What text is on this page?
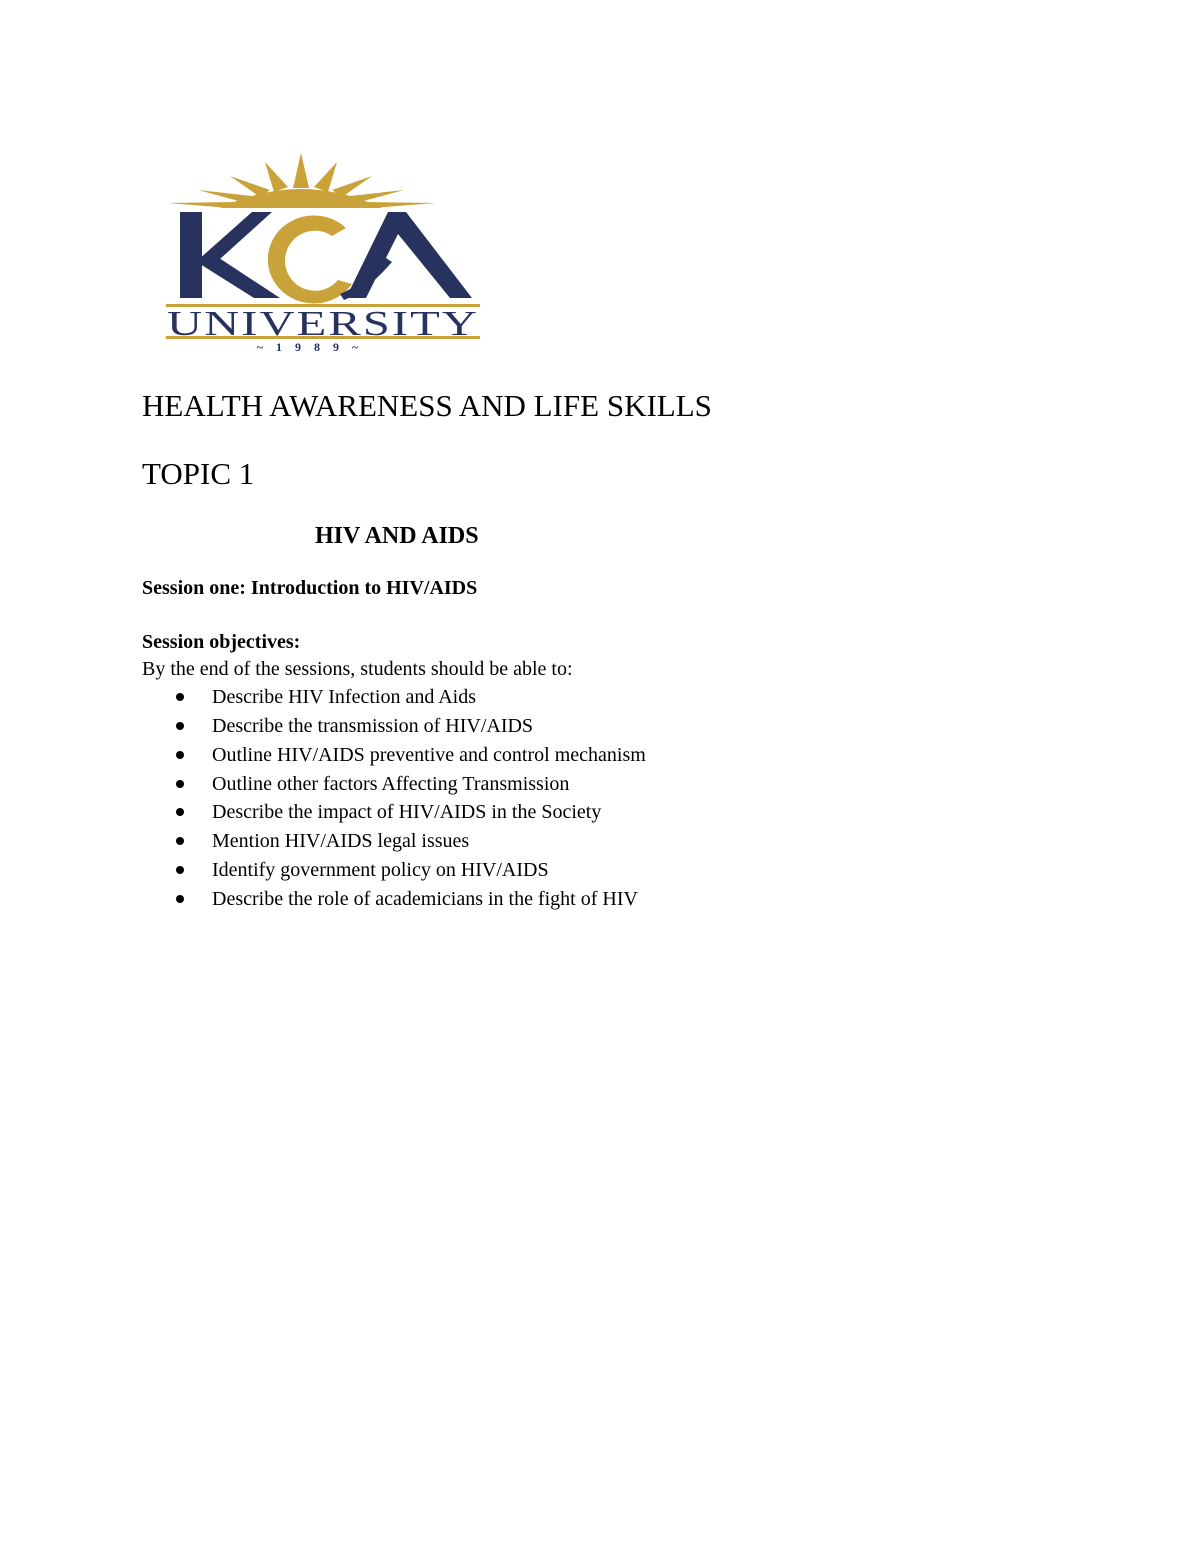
UNIVERSITY
~ 1 9 8 9 ~
HEALTH AWARENESS AND LIFE SKILLS
TOPIC 1
HIV AND AIDS
Session one: Introduction to HIV/AIDS
Session objectives:
By the end of the sessions, students should be able to:
Describe HIV Infection and Aids
Describe the transmission of HIV/AIDS
Outline HIV/AIDS preventive and control mechanism
Outline other factors Affecting Transmission
Describe the impact of HIV/AIDS in the Society
Mention HIV/AIDS legal issues
Identify government policy on HIV/AIDS
Describe the role of academicians in the fight of HIV
